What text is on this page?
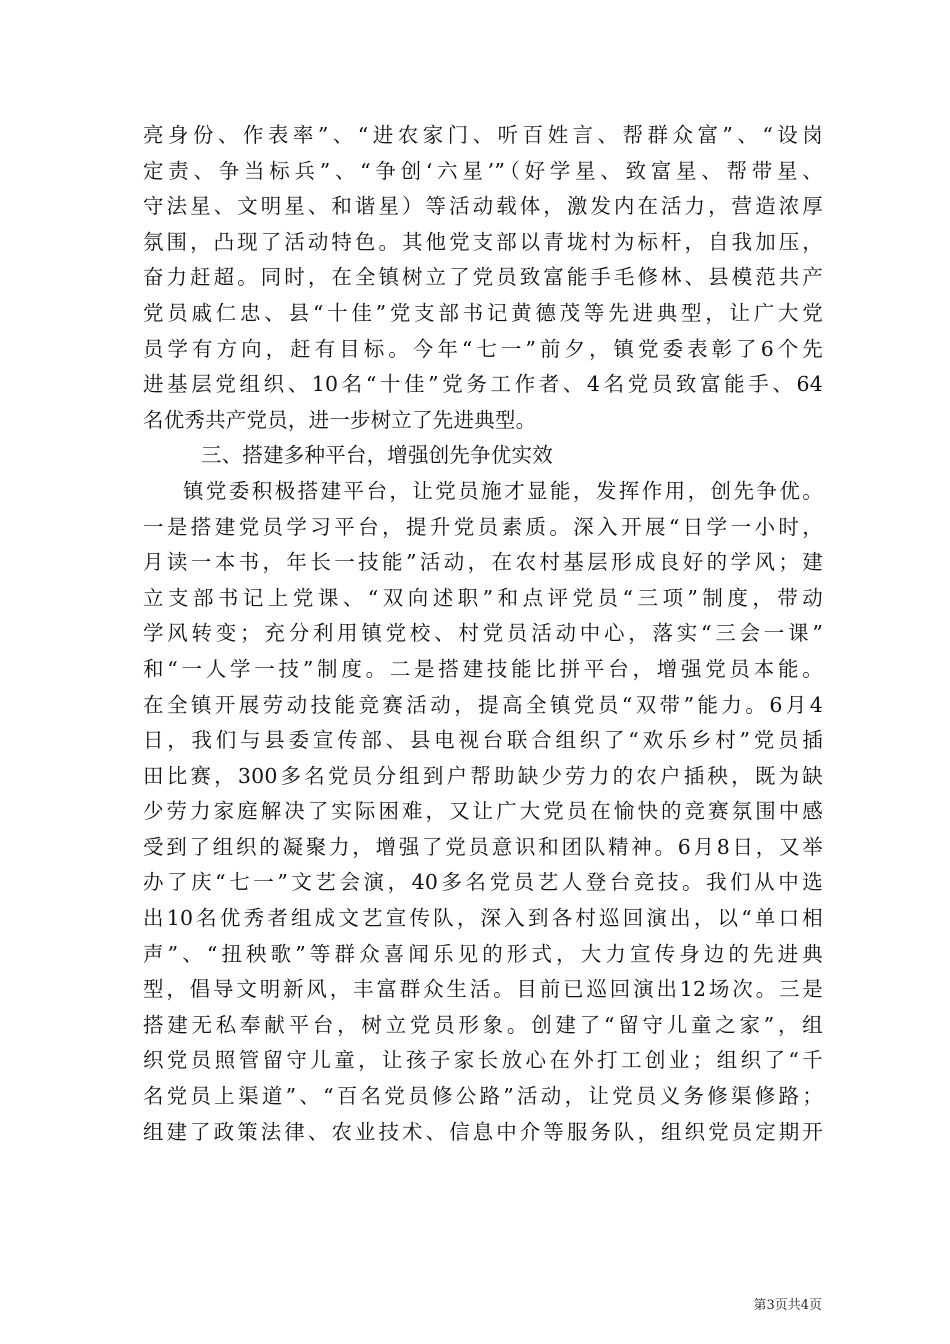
亮身份、作表率”、“进农家门、听百姓言、帮群众富”、“设岗
定责、争当标兵”、“争创‘六星’”（好学星、致富星、帮带星、
守法星、文明星、和谐星）等活动载体，激发内在活力，营造浓厚
氛围，凸现了活动特色。其他党支部以青垅村为标杆，自我加压，
奋力赶超。同时，在全镇树立了党员致富能手毛修林、县模范共产
党员戚仁忠、县“十佳”党支部书记黄德茂等先进典型，让广大党
员学有方向，赶有目标。今年“七一”前夕，镇党委表彰了6个先
进基层党组织、10名“十佳”党务工作者、4名党员致富能手、64
名优秀共产党员，进一步树立了先进典型。
三、搭建多种平台，增强创先争优实效
镇党委积极搭建平台，让党员施才显能，发挥作用，创先争优。
一是搭建党员学习平台，提升党员素质。深入开展“日学一小时，
月读一本书，年长一技能”活动，在农村基层形成良好的学风；建
立支部书记上党课、“双向述职”和点评党员“三项”制度，带动
学风转变；充分利用镇党校、村党员活动中心，落实“三会一课”
和“一人学一技”制度。二是搭建技能比拼平台，增强党员本能。
在全镇开展劳动技能竞赛活动，提高全镇党员“双带”能力。6月4
日，我们与县委宣传部、县电视台联合组织了“欢乐乡村”党员插
田比赛，300多名党员分组到户帮助缺少劳力的农户插秧，既为缺
少劳力家庭解决了实际困难，又让广大党员在愉快的竞赛氛围中感
受到了组织的凝聚力，增强了党员意识和团队精神。6月8日，又举
办了庆“七一”文艺会演，40多名党员艺人登台竞技。我们从中选
出10名优秀者组成文艺宣传队，深入到各村巡回演出，以“单口相
声”、“扭秧歌”等群众喜闻乐见的形式，大力宣传身边的先进典
型，倡导文明新风，丰富群众生活。目前已巡回演出12场次。三是
搭建无私奉献平台，树立党员形象。创建了“留守儿童之家”，组
织党员照管留守儿童，让孩子家长放心在外打工创业；组织了“千
名党员上渠道”、“百名党员修公路”活动，让党员义务修渠修路；
组建了政策法律、农业技术、信息中介等服务队，组织党员定期开
第3页共4页
